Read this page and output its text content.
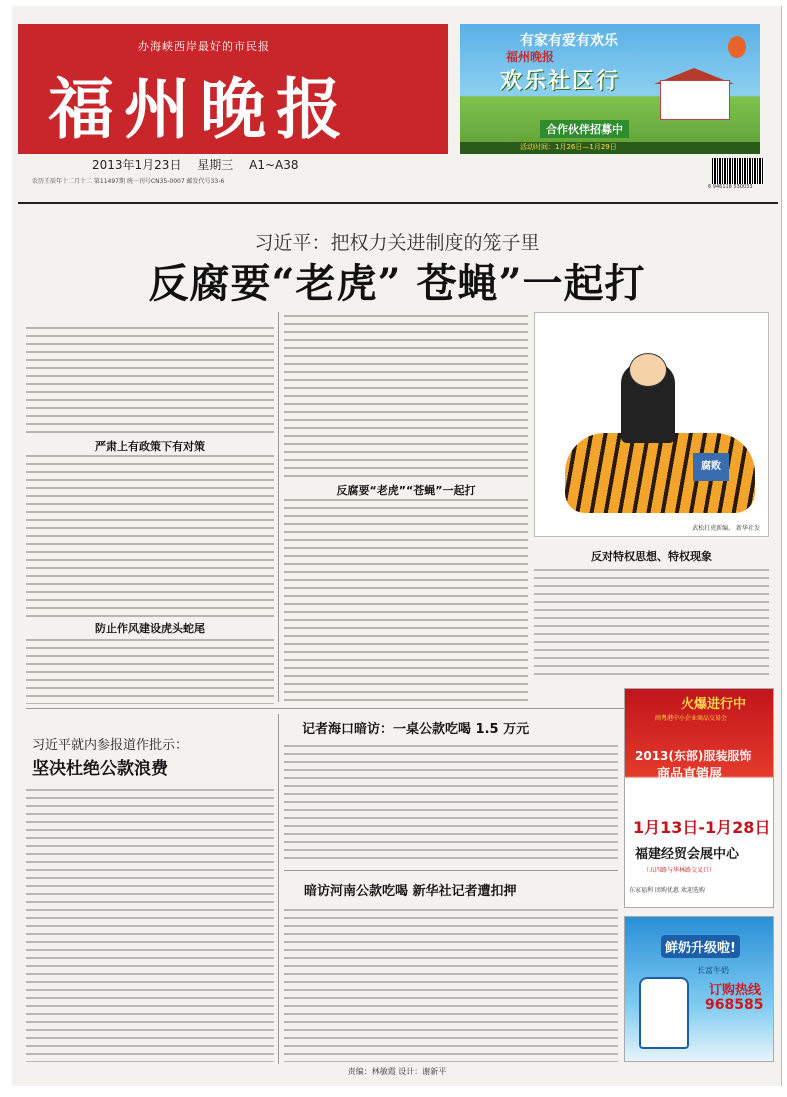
办海峡西岸最好的市民报
福州晚报
有家有爱有欢乐
福州晚报
欢乐社区行
合作伙伴招募中
活动时间：1月26日—1月29日
2013年1月23日 星期三 A1~A38
农历壬辰年十二月十二 第11497期 统一刊号CN35-0007 邮发代号33-6
6 946118 530033
习近平：把权力关进制度的笼子里
反腐要“老虎” 苍蝇”一起打
严肃上有政策下有对策
防止作风建设虎头蛇尾
反腐要“老虎”“苍蝇”一起打
腐败
武松打虎新编。 新华社发
反对特权思想、特权现象
习近平就内参报道作批示：
坚决杜绝公款浪费
记者海口暗访：一桌公款吃喝 1.5 万元
暗访河南公款吃喝 新华社记者遭扣押
火爆进行中
闽粤港中小企业商品交易会
2013(东部)服装服饰
商品直销展
1月13日-1月28日
福建经贸会展中心
（五四路与华林路交叉口）
东家福利 团购优惠 欢迎选购
鲜奶升级啦!
长富牛奶
订购热线
968585
责编：林敏霞 设计：谢新平
